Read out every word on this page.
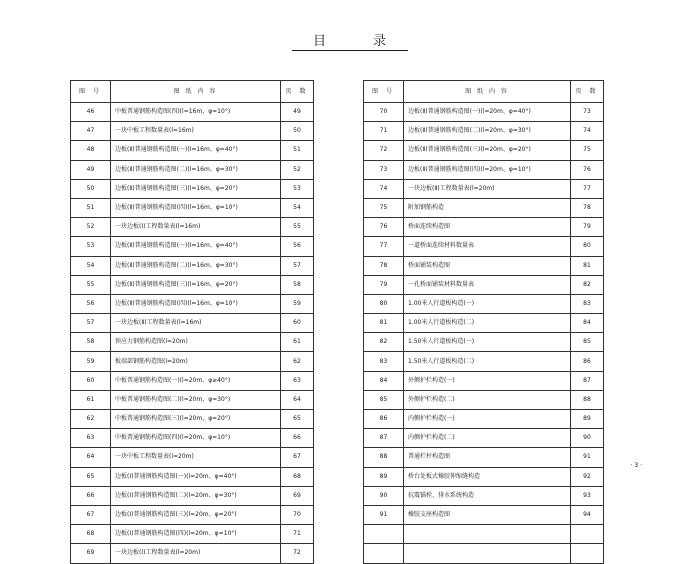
目	录
图 号	图 纸 内 容	页 数
46	中板普通钢筋构造图(四)(l=16m、φ=10°)	49
47	一块中板工程数量表(l=16m)	50
48	边板(Ⅱ)普通钢筋构造图(一)(l=16m、φ=40°)	51
49	边板(Ⅱ)普通钢筋构造图(二)(l=16m、φ=30°)	52
50	边板(Ⅱ)普通钢筋构造图(三)(l=16m、φ=20°)	53
51	边板(Ⅱ)普通钢筋构造图(四)(l=16m、φ=10°)	54
52	一块边板(Ⅰ)工程数量表(l=16m)	55
53	边板(Ⅱ)普通钢筋构造图(一)(l=16m、φ=40°)	56
54	边板(Ⅱ)普通钢筋构造图(二)(l=16m、φ=30°)	57
55	边板(Ⅱ)普通钢筋构造图(三)(l=16m、φ=20°)	58
56	边板(Ⅱ)普通钢筋构造图(四)(l=16m、φ=10°)	59
57	一块边板(Ⅱ)工程数量表(l=16m)	60
58	预应力钢筋构造图(l=20m)	61
59	板端部钢筋构造图(l=20m)	62
60	中板普通钢筋构造图(一)(l=20m、φ≥40°)	63
61	中板普通钢筋构造图(二)(l=20m、φ=30°)	64
62	中板普通钢筋构造图(三)(l=20m、φ=20°)	65
63	中板普通钢筋构造图(四)(l=20m、φ=10°)	66
64	一块中板工程数量表(l=20m)	67
65	边板(Ⅰ)普通钢筋构造图(一)(l=20m、φ=40°)	68
66	边板(Ⅰ)普通钢筋构造图(二)(l=20m、φ=30°)	69
67	边板(Ⅰ)普通钢筋构造图(三)(l=20m、φ=20°)	70
68	边板(Ⅰ)普通钢筋构造图(四)(l=20m、φ=10°)	71
69	一块边板(Ⅰ)工程数量表(l=20m)	72
图 号	图 纸 内 容	页 数
70	边板(Ⅱ)普通钢筋构造图(一)(l=20m、φ=40°)	73
71	边板(Ⅱ)普通钢筋构造图(二)(l=20m、φ=30°)	74
72	边板(Ⅱ)普通钢筋构造图(三)(l=20m、φ=20°)	75
73	边板(Ⅱ)普通钢筋构造图(四)(l=20m、φ=10°)	76
74	一块边板(Ⅱ)工程数量表(l=20m)	77
75	附加钢筋构造	78
76	桥面连续构造图	79
77	一道桥面连续材料数量表	80
78	桥面铺装构造图	81
79	一孔桥面铺装材料数量表	82
80	1.00米人行道板构造(一)	83
81	1.00米人行道板构造(二)	84
82	1.50米人行道板构造(一)	85
83	1.50米人行道板构造(二)	86
84	外侧护栏构造(一)	87
85	外侧护栏构造(二)	88
86	内侧护栏构造(一)	89
87	内侧护栏构造(二)	90
88	普通栏杆构造图	91
89	桥台处板式橡胶伸缩缝构造	92
90	抗震锚栓、排水系统构造	93
91	橡胶支座构造图	94

· 3 ·
